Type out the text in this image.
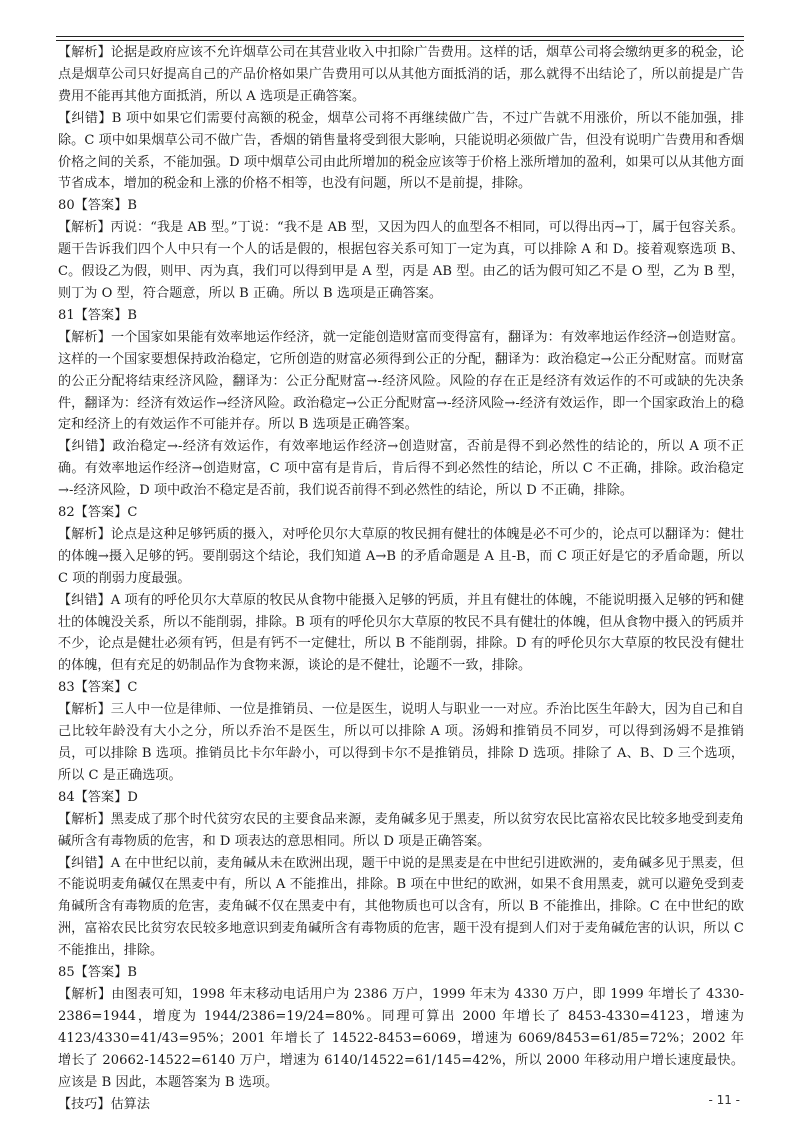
【解析】论据是政府应该不允许烟草公司在其营业收入中扣除广告费用。这样的话，烟草公司将会缴纳更多的税金，论点是烟草公司只好提高自己的产品价格如果广告费用可以从其他方面抵消的话，那么就得不出结论了，所以前提是广告费用不能再其他方面抵消，所以 A 选项是正确答案。

【纠错】B 项中如果它们需要付高额的税金，烟草公司将不再继续做广告，不过广告就不用涨价，所以不能加强，排除。C 项中如果烟草公司不做广告，香烟的销售量将受到很大影响，只能说明必须做广告，但没有说明广告费用和香烟价格之间的关系，不能加强。D 项中烟草公司由此所增加的税金应该等于价格上涨所增加的盈利，如果可以从其他方面节省成本，增加的税金和上涨的价格不相等，也没有问题，所以不是前提，排除。

80【答案】B

【解析】丙说：“我是 AB 型。”丁说：“我不是 AB 型，又因为四人的血型各不相同，可以得出丙→丁，属于包容关系。题干告诉我们四个人中只有一个人的话是假的，根据包容关系可知丁一定为真，可以排除 A 和 D。接着观察选项 B、C。假设乙为假，则甲、丙为真，我们可以得到甲是 A 型，丙是 AB 型。由乙的话为假可知乙不是 O 型，乙为 B 型，则丁为 O 型，符合题意，所以 B 正确。所以 B 选项是正确答案。

81【答案】B

【解析】一个国家如果能有效率地运作经济，就一定能创造财富而变得富有，翻译为：有效率地运作经济→创造财富。这样的一个国家要想保持政治稳定，它所创造的财富必须得到公正的分配，翻译为：政治稳定→公正分配财富。而财富的公正分配将结束经济风险，翻译为：公正分配财富→-经济风险。风险的存在正是经济有效运作的不可或缺的先决条件，翻译为：经济有效运作→经济风险。政治稳定→公正分配财富→-经济风险→-经济有效运作，即一个国家政治上的稳定和经济上的有效运作不可能并存。所以 B 选项是正确答案。

【纠错】政治稳定→-经济有效运作，有效率地运作经济→创造财富，否前是得不到必然性的结论的，所以 A 项不正确。有效率地运作经济→创造财富，C 项中富有是肯后，肯后得不到必然性的结论，所以 C 不正确，排除。政治稳定→-经济风险，D 项中政治不稳定是否前，我们说否前得不到必然性的结论，所以 D 不正确，排除。

82【答案】C

【解析】论点是这种足够钙质的摄入，对呼伦贝尔大草原的牧民拥有健壮的体魄是必不可少的，论点可以翻译为：健壮的体魄→摄入足够的钙。要削弱这个结论，我们知道 A→B 的矛盾命题是 A 且-B，而 C 项正好是它的矛盾命题，所以 C 项的削弱力度最强。

【纠错】A 项有的呼伦贝尔大草原的牧民从食物中能摄入足够的钙质，并且有健壮的体魄，不能说明摄入足够的钙和健壮的体魄没关系，所以不能削弱，排除。B 项有的呼伦贝尔大草原的牧民不具有健壮的体魄，但从食物中摄入的钙质并不少，论点是健壮必须有钙，但是有钙不一定健壮，所以 B 不能削弱，排除。D 有的呼伦贝尔大草原的牧民没有健壮的体魄，但有充足的奶制品作为食物来源，谈论的是不健壮，论题不一致，排除。

83【答案】C

【解析】三人中一位是律师、一位是推销员、一位是医生，说明人与职业一一对应。乔治比医生年龄大，因为自己和自己比较年龄没有大小之分，所以乔治不是医生，所以可以排除 A 项。汤姆和推销员不同岁，可以得到汤姆不是推销员，可以排除 B 选项。推销员比卡尔年龄小，可以得到卡尔不是推销员，排除 D 选项。排除了 A、B、D 三个选项，所以 C 是正确选项。

84【答案】D

【解析】黑麦成了那个时代贫穷农民的主要食品来源，麦角碱多见于黑麦，所以贫穷农民比富裕农民比较多地受到麦角碱所含有毒物质的危害，和 D 项表达的意思相同。所以 D 项是正确答案。

【纠错】A 在中世纪以前，麦角碱从未在欧洲出现，题干中说的是黑麦是在中世纪引进欧洲的，麦角碱多见于黑麦，但不能说明麦角碱仅在黑麦中有，所以 A 不能推出，排除。B 项在中世纪的欧洲，如果不食用黑麦，就可以避免受到麦角碱所含有毒物质的危害，麦角碱不仅在黑麦中有，其他物质也可以含有，所以 B 不能推出，排除。C 在中世纪的欧洲，富裕农民比贫穷农民较多地意识到麦角碱所含有毒物质的危害，题干没有提到人们对于麦角碱危害的认识，所以 C 不能推出，排除。

85【答案】B

【解析】由图表可知，1998 年末移动电话用户为 2386 万户，1999 年末为 4330 万户，即 1999 年增长了 4330-2386=1944，增度为 1944/2386=19/24=80%。同理可算出 2000 年增长了 8453-4330=4123，增速为 4123/4330=41/43=95%；2001 年增长了 14522-8453=6069，增速为 6069/8453=61/85=72%；2002 年增长了 20662-14522=6140 万户，增速为 6140/14522=61/145=42%，所以 2000 年移动用户增长速度最快。应该是 B 因此，本题答案为 B 选项。

【技巧】估算法	- 11 -
